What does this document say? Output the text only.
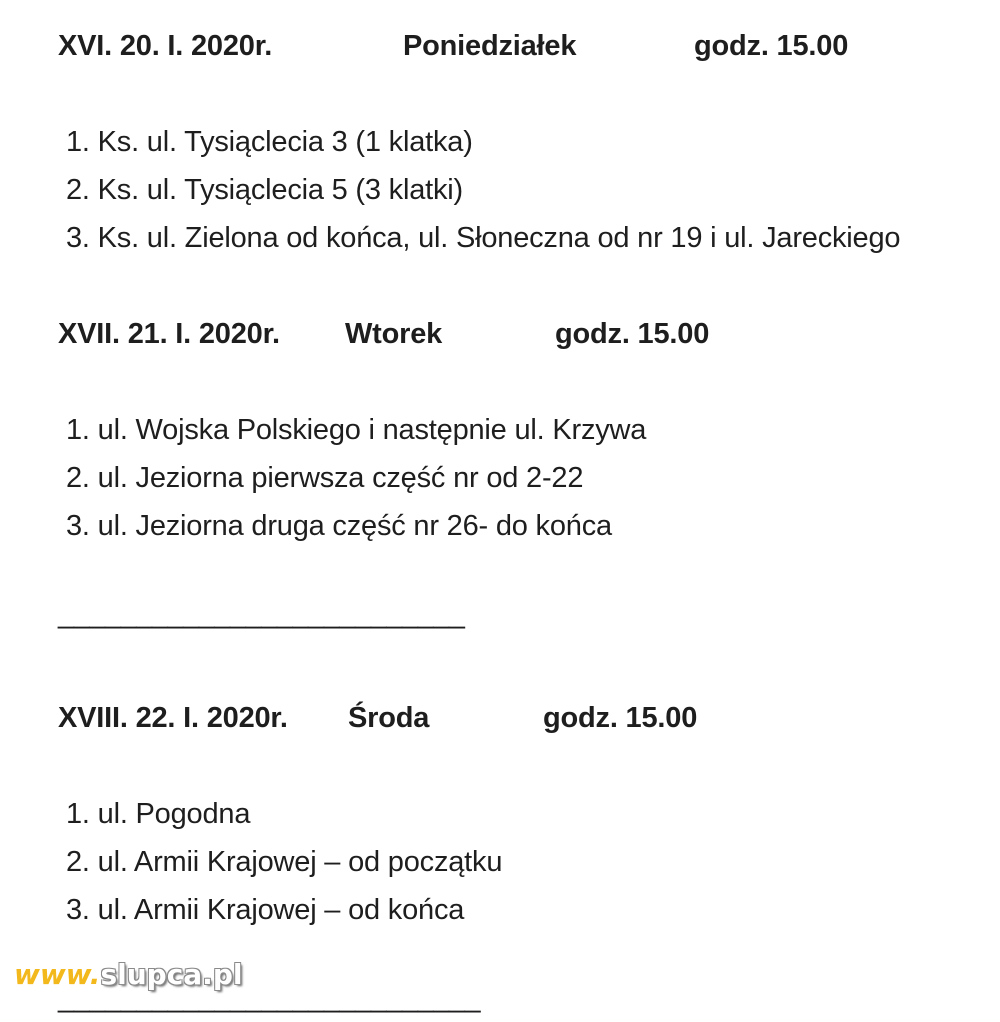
XVI. 20. I. 2020r.	Poniedziałek	godz. 15.00
1. Ks. ul. Tysiąclecia 3 (1 klatka)
2. Ks. ul. Tysiąclecia 5 (3 klatki)
3. Ks. ul. Zielona od końca, ul. Słoneczna od nr 19 i ul. Jareckiego
XVII. 21. I. 2020r. Wtorek	godz. 15.00
1. ul. Wojska Polskiego i następnie ul. Krzywa
2. ul. Jeziorna pierwsza część nr od 2-22
3. ul. Jeziorna druga część nr 26- do końca
__________________________
XVIII. 22. I. 2020r. Środa	godz. 15.00
1. ul. Pogodna
2. ul. Armii Krajowej – od początku
3. ul. Armii Krajowej – od końca
___________________________
www.slupca.pl
